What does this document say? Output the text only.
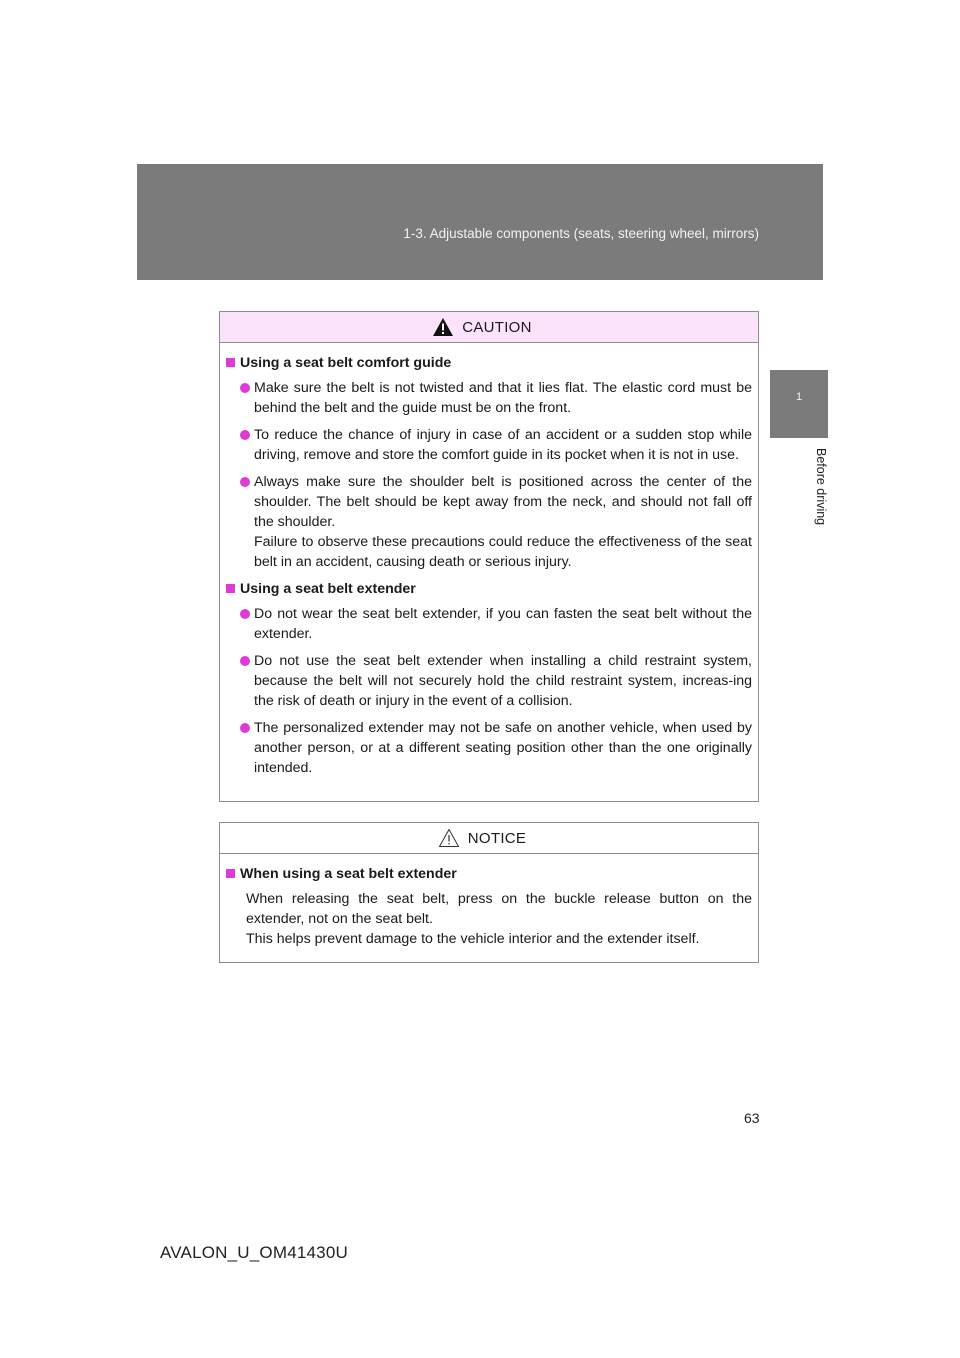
1-3. Adjustable components (seats, steering wheel, mirrors)
1
Before driving
CAUTION
Using a seat belt comfort guide
Make sure the belt is not twisted and that it lies flat. The elastic cord must be behind the belt and the guide must be on the front.
To reduce the chance of injury in case of an accident or a sudden stop while driving, remove and store the comfort guide in its pocket when it is not in use.
Always make sure the shoulder belt is positioned across the center of the shoulder. The belt should be kept away from the neck, and should not fall off the shoulder.
Failure to observe these precautions could reduce the effectiveness of the seat belt in an accident, causing death or serious injury.
Using a seat belt extender
Do not wear the seat belt extender, if you can fasten the seat belt without the extender.
Do not use the seat belt extender when installing a child restraint system, because the belt will not securely hold the child restraint system, increas-ing the risk of death or injury in the event of a collision.
The personalized extender may not be safe on another vehicle, when used by another person, or at a different seating position other than the one originally intended.
NOTICE
When using a seat belt extender
When releasing the seat belt, press on the buckle release button on the extender, not on the seat belt.
This helps prevent damage to the vehicle interior and the extender itself.
63
AVALON_U_OM41430U
